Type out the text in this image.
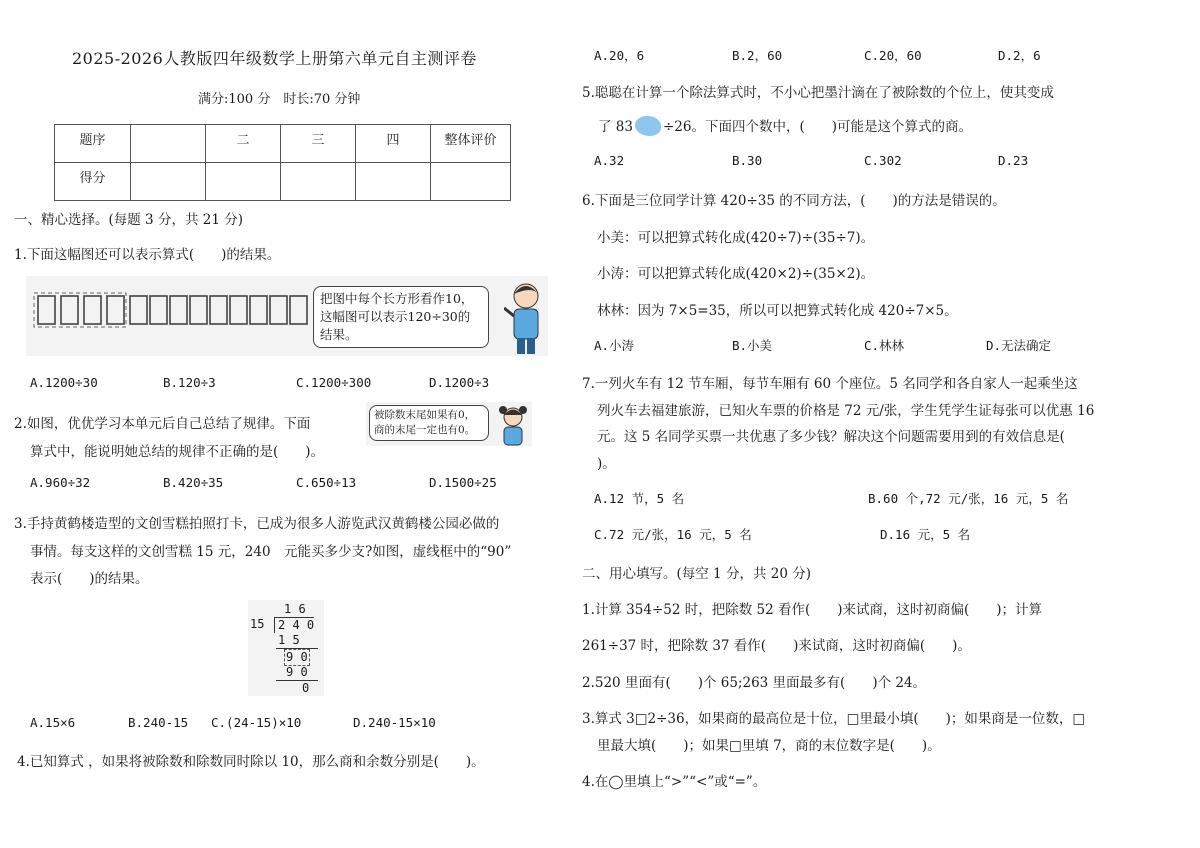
2025-2026人教版四年级数学上册第六单元自主测评卷
满分:100 分　时长:70 分钟
题序		二	三	四	整体评价
得分					
一、精心选择。(每题 3 分，共 21 分)
1.下面这幅图还可以表示算式(　　)的结果。
把图中每个长方形看作10，这幅图可以表示120÷30的结果。
A.1200÷30	B.120÷3	C.1200÷300	D.1200÷3
2.如图，优优学习本单元后自己总结了规律。下面
算式中，能说明她总结的规律不正确的是(　　)。
被除数末尾如果有0，商的末尾一定也有0。
A.960÷32	B.420÷35	C.650÷13	D.1500÷25
3.手持黄鹤楼造型的文创雪糕拍照打卡，已成为很多人游览武汉黄鹤楼公园必做的
事情。每支这样的文创雪糕 15 元，240　元能买多少支?如图，虚线框中的“90”
表示(　　)的结果。
1 6
15	2 4 0
1 5
9 0
9 0
0
A.15×6	B.240-15 C.(24-15)×10	D.240-15×10
4.已知算式 ，如果将被除数和除数同时除以 10，那么商和余数分别是(　　)。
A.20，6	B.2，60	C.20，60	D.2，6
5.聪聪在计算一个除法算式时，不小心把墨汁滴在了被除数的个位上，使其变成
了 83 ÷26。下面四个数中，(　　)可能是这个算式的商。
A.32	B.30	C.302	D.23
6.下面是三位同学计算 420÷35 的不同方法，(　　)的方法是错误的。
小美：可以把算式转化成(420÷7)÷(35÷7)。
小涛：可以把算式转化成(420×2)÷(35×2)。
林林：因为 7×5=35，所以可以把算式转化成 420÷7×5。
A.小涛	B.小美	C.林林	D.无法确定
7.一列火车有 12 节车厢，每节车厢有 60 个座位。5 名同学和各自家人一起乘坐这
列火车去福建旅游，已知火车票的价格是 72 元/张，学生凭学生证每张可以优惠 16
元。这 5 名同学买票一共优惠了多少钱？解决这个问题需要用到的有效信息是(
)。
A.12 节，5 名	B.60 个,72 元/张，16 元，5 名
C.72 元/张，16 元，5 名	D.16 元，5 名
二、用心填写。(每空 1 分，共 20 分)
1.计算 354÷52 时，把除数 52 看作(　　)来试商，这时初商偏(　　)；计算
261÷37 时，把除数 37 看作(　　)来试商，这时初商偏(　　)。
2.520 里面有(　　)个 65;263 里面最多有(　　)个 24。
3.算式 3□2÷36，如果商的最高位是十位，□里最小填(　　)；如果商是一位数，□
里最大填(　　)；如果□里填 7，商的末位数字是(　　)。
4.在◯里填上“>”“<”或“=”。
